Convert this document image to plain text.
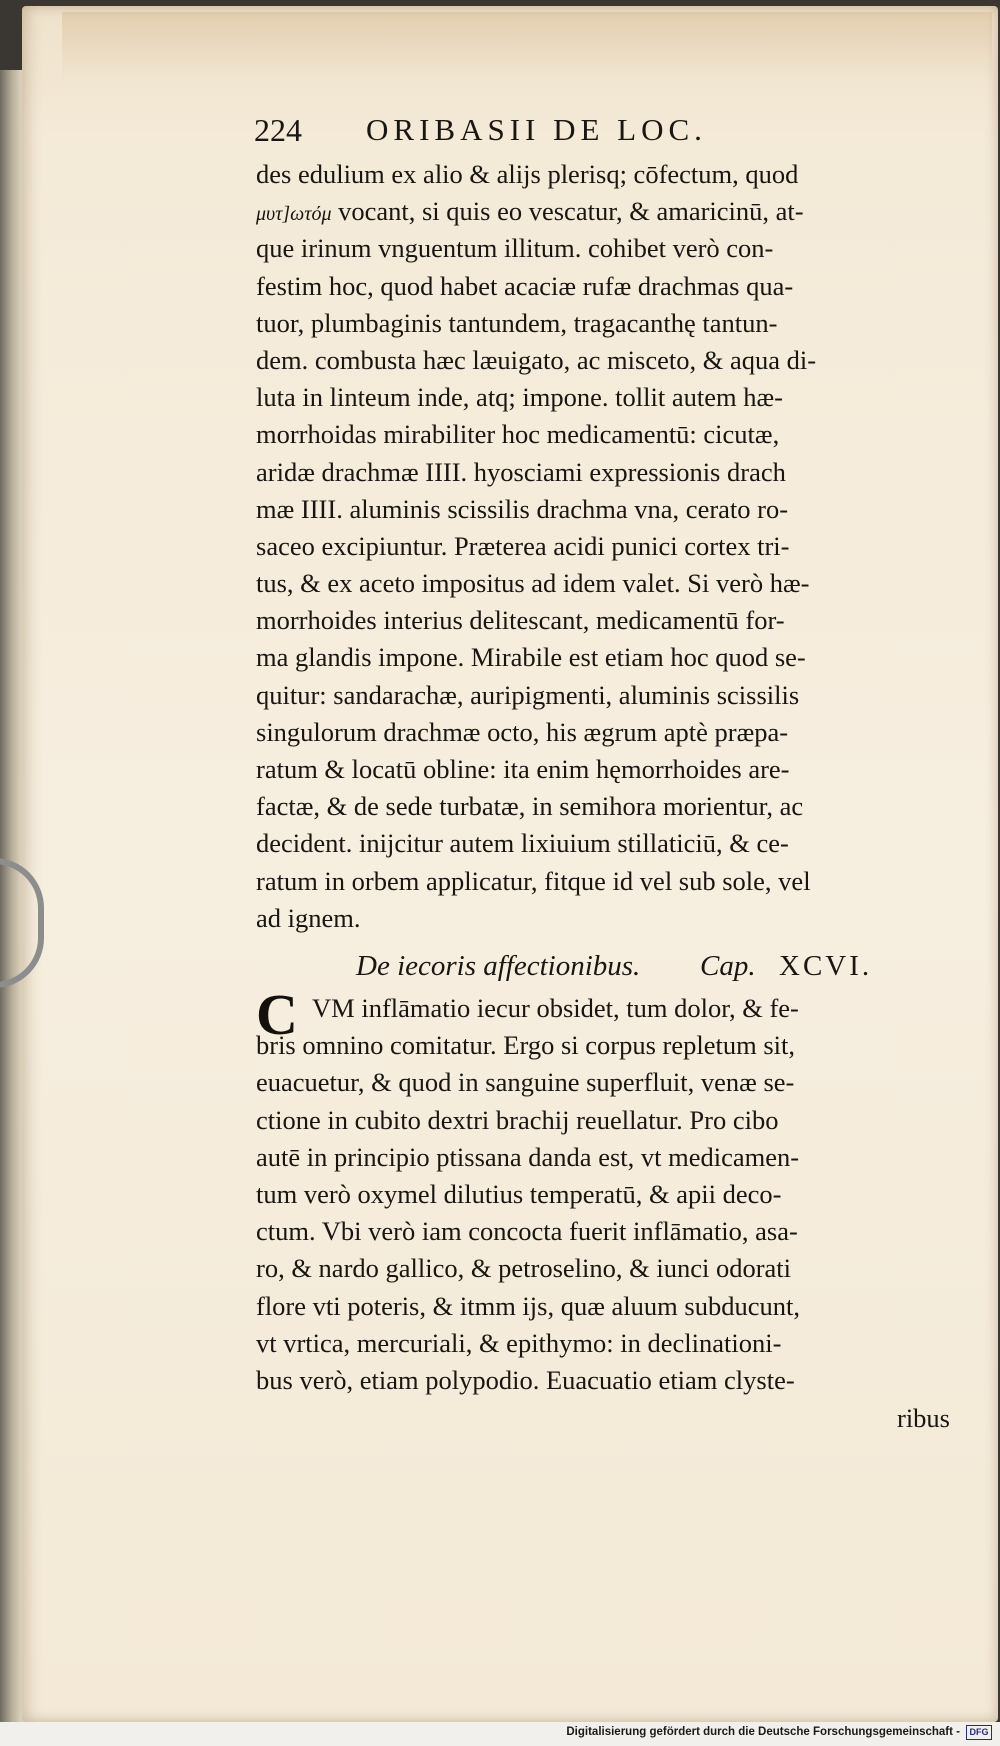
224 ORIBASII DE LOC.
des edulium ex alio & alijs plerisq; cōfectum, quod
μυτ]ωτόμ vocant, si quis eo vescatur, & amaricinū, at-
que irinum vnguentum illitum. cohibet verò con-
festim hoc, quod habet acaciæ rufæ drachmas qua-
tuor, plumbaginis tantundem, tragacanthę tantun-
dem. combusta hæc læuigato, ac misceto, & aqua di-
luta in linteum inde, atq; impone. tollit autem hæ-
morrhoidas mirabiliter hoc medicamentū: cicutæ,
aridæ drachmæ IIII. hyosciami expressionis drach
mæ IIII. aluminis scissilis drachma vna, cerato ro-
saceo excipiuntur. Præterea acidi punici cortex tri-
tus, & ex aceto impositus ad idem valet. Si verò hæ-
morrhoides interius delitescant, medicamentū for-
ma glandis impone. Mirabile est etiam hoc quod se-
quitur: sandarachæ, auripigmenti, aluminis scissilis
singulorum drachmæ octo, his ægrum aptè præpa-
ratum & locatū obline: ita enim hęmorrhoides are-
factæ, & de sede turbatæ, in semihora morientur, ac
decident. inijcitur autem lixiuium stillaticiū, & ce-
ratum in orbem applicatur, fitque id vel sub sole, vel
ad ignem.
De iecoris affectionibus. Cap. XCVI.
C VM inflāmatio iecur obsidet, tum dolor, & fe-
bris omnino comitatur. Ergo si corpus repletum sit,
euacuetur, & quod in sanguine superfluit, venæ se-
ctione in cubito dextri brachij reuellatur. Pro cibo
autē in principio ptissana danda est, vt medicamen-
tum verò oxymel dilutius temperatū, & apii deco-
ctum. Vbi verò iam concocta fuerit inflāmatio, asa-
ro, & nardo gallico, & petroselino, & iunci odorati
flore vti poteris, & itmm ijs, quæ aluum subducunt,
vt vrtica, mercuriali, & epithymo: in declinationi-
bus verò, etiam polypodio. Euacuatio etiam clyste-
ribus
Digitalisierung gefördert durch die Deutsche Forschungsgemeinschaft -	DFG
